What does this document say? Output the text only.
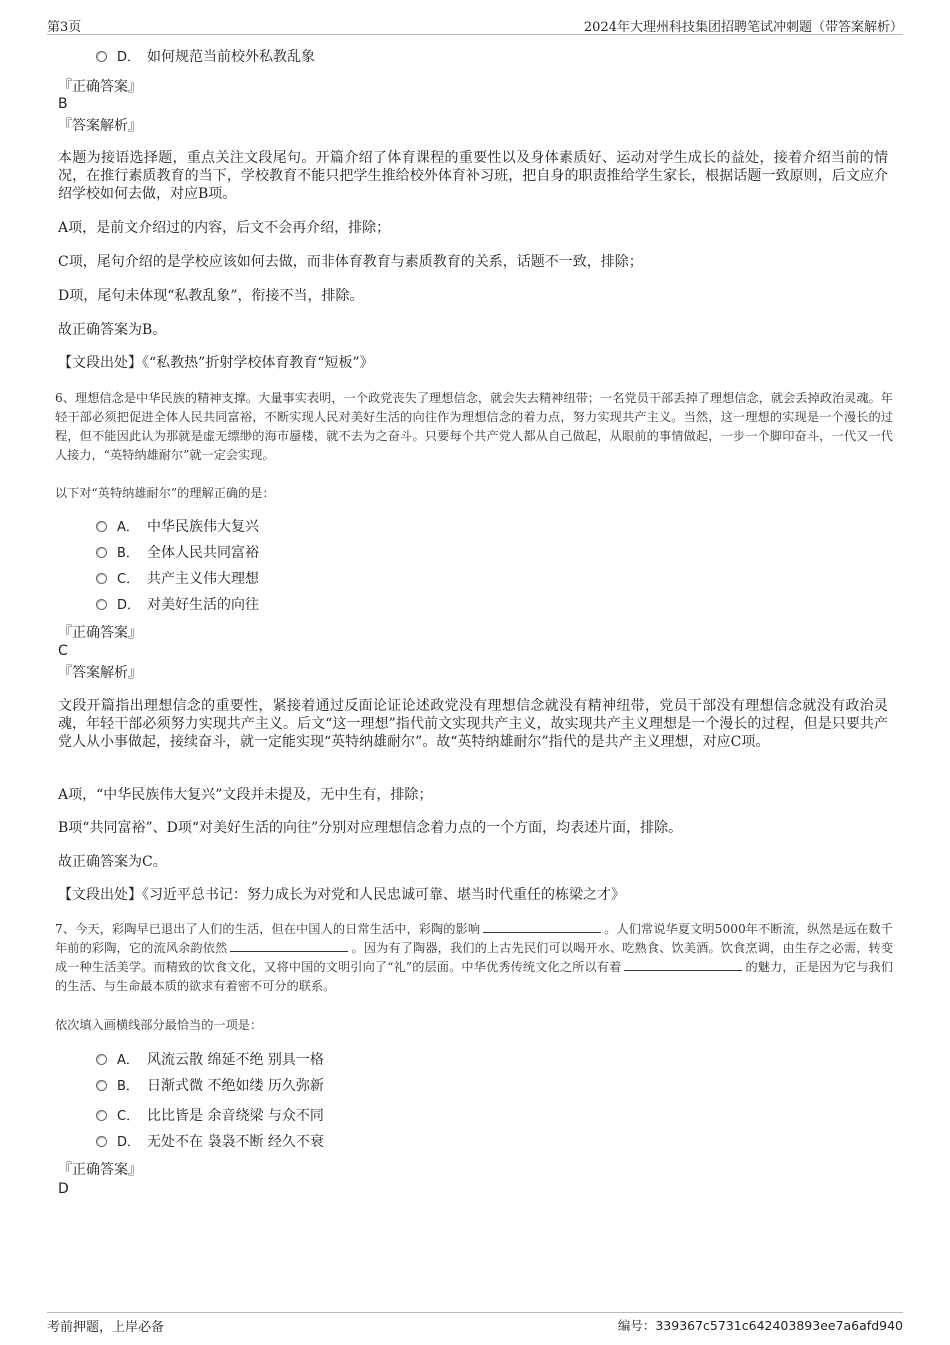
第3页	2024年大理州科技集团招聘笔试冲刺题（带答案解析）
D． 如何规范当前校外私教乱象
『正确答案』
B
『答案解析』

本题为接语选择题，重点关注文段尾句。开篇介绍了体育课程的重要性以及身体素质好、运动对学生成长的益处，接着介绍当前的情况，在推行素质教育的当下，学校教育不能只把学生推给校外体育补习班，把自身的职责推给学生家长，根据话题一致原则，后文应介绍学校如何去做，对应B项。

A项，是前文介绍过的内容，后文不会再介绍，排除；

C项，尾句介绍的是学校应该如何去做，而非体育教育与素质教育的关系，话题不一致，排除；

D项，尾句未体现“私教乱象”，衔接不当，排除。

故正确答案为B。

【文段出处】《“私教热”折射学校体育教育“短板”》

6、理想信念是中华民族的精神支撑。大量事实表明，一个政党丧失了理想信念，就会失去精神纽带；一名党员干部丢掉了理想信念，就会丢掉政治灵魂。年轻干部必须把促进全体人民共同富裕，不断实现人民对美好生活的向往作为理想信念的着力点，努力实现共产主义。当然，这一理想的实现是一个漫长的过程，但不能因此认为那就是虚无缥缈的海市蜃楼，就不去为之奋斗。只要每个共产党人都从自己做起，从眼前的事情做起，一步一个脚印奋斗，一代又一代人接力，“英特纳雄耐尔”就一定会实现。

以下对“英特纳雄耐尔”的理解正确的是：
A． 中华民族伟大复兴
B． 全体人民共同富裕
C． 共产主义伟大理想
D． 对美好生活的向往
『正确答案』
C
『答案解析』

文段开篇指出理想信念的重要性，紧接着通过反面论证论述政党没有理想信念就没有精神纽带，党员干部没有理想信念就没有政治灵魂，年轻干部必须努力实现共产主义。后文“这一理想”指代前文实现共产主义，故实现共产主义理想是一个漫长的过程，但是只要共产党人从小事做起，接续奋斗，就一定能实现“英特纳雄耐尔”。故“英特纳雄耐尔”指代的是共产主义理想，对应C项。

A项，“中华民族伟大复兴”文段并未提及，无中生有，排除；

B项“共同富裕”、D项“对美好生活的向往”分别对应理想信念着力点的一个方面，均表述片面，排除。

故正确答案为C。

【文段出处】《习近平总书记：努力成长为对党和人民忠诚可靠、堪当时代重任的栋梁之才》

7、今天，彩陶早已退出了人们的生活，但在中国人的日常生活中，彩陶的影响	。人们常说华夏文明5000年不断流，纵然是远在数千年前的彩陶，它的流风余韵依然	。因为有了陶器，我们的上古先民们可以喝开水、吃熟食、饮美酒。饮食烹调，由生存之必需，转变成一种生活美学。而精致的饮食文化，又将中国的文明引向了“礼”的层面。中华优秀传统文化之所以有着	的魅力，正是因为它与我们的生活、与生命最本质的欲求有着密不可分的联系。

依次填入画横线部分最恰当的一项是：
A． 风流云散 绵延不绝 别具一格
B． 日渐式微 不绝如缕 历久弥新
C． 比比皆是 余音绕梁 与众不同
D． 无处不在 袅袅不断 经久不衰
『正确答案』
D
考前押题，上岸必备	编号：339367c5731c642403893ee7a6afd940
